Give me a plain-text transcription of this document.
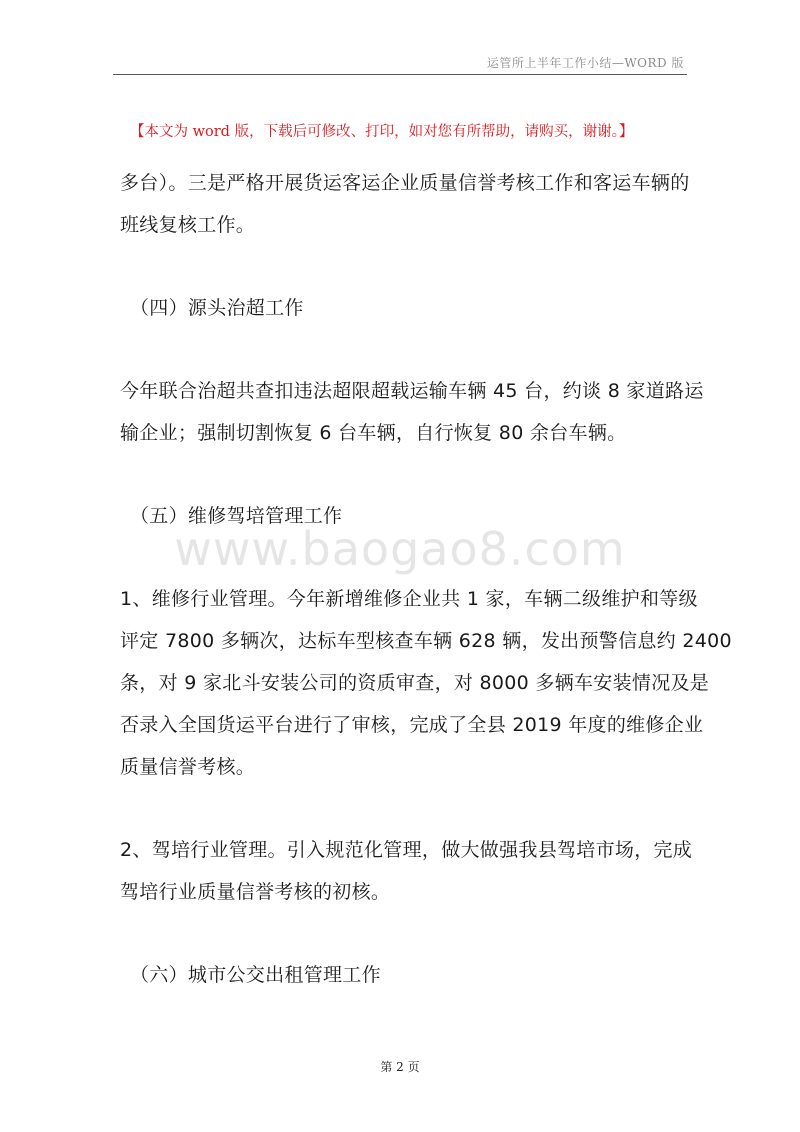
运管所上半年工作小结—WORD 版
【本文为 word 版，下载后可修改、打印，如对您有所帮助，请购买，谢谢。】
多台）。三是严格开展货运客运企业质量信誉考核工作和客运车辆的
班线复核工作。
（四）源头治超工作
今年联合治超共查扣违法超限超载运输车辆 45 台，约谈 8 家道路运
输企业；强制切割恢复 6 台车辆，自行恢复 80 余台车辆。
（五）维修驾培管理工作
1、维修行业管理。今年新增维修企业共 1 家，车辆二级维护和等级
评定 7800 多辆次，达标车型核查车辆 628 辆，发出预警信息约 2400
条，对 9 家北斗安装公司的资质审查，对 8000 多辆车安装情况及是
否录入全国货运平台进行了审核，完成了全县 2019 年度的维修企业
质量信誉考核。
2、驾培行业管理。引入规范化管理，做大做强我县驾培市场，完成
驾培行业质量信誉考核的初核。
（六）城市公交出租管理工作
www.baogao8.com
第 2 页
